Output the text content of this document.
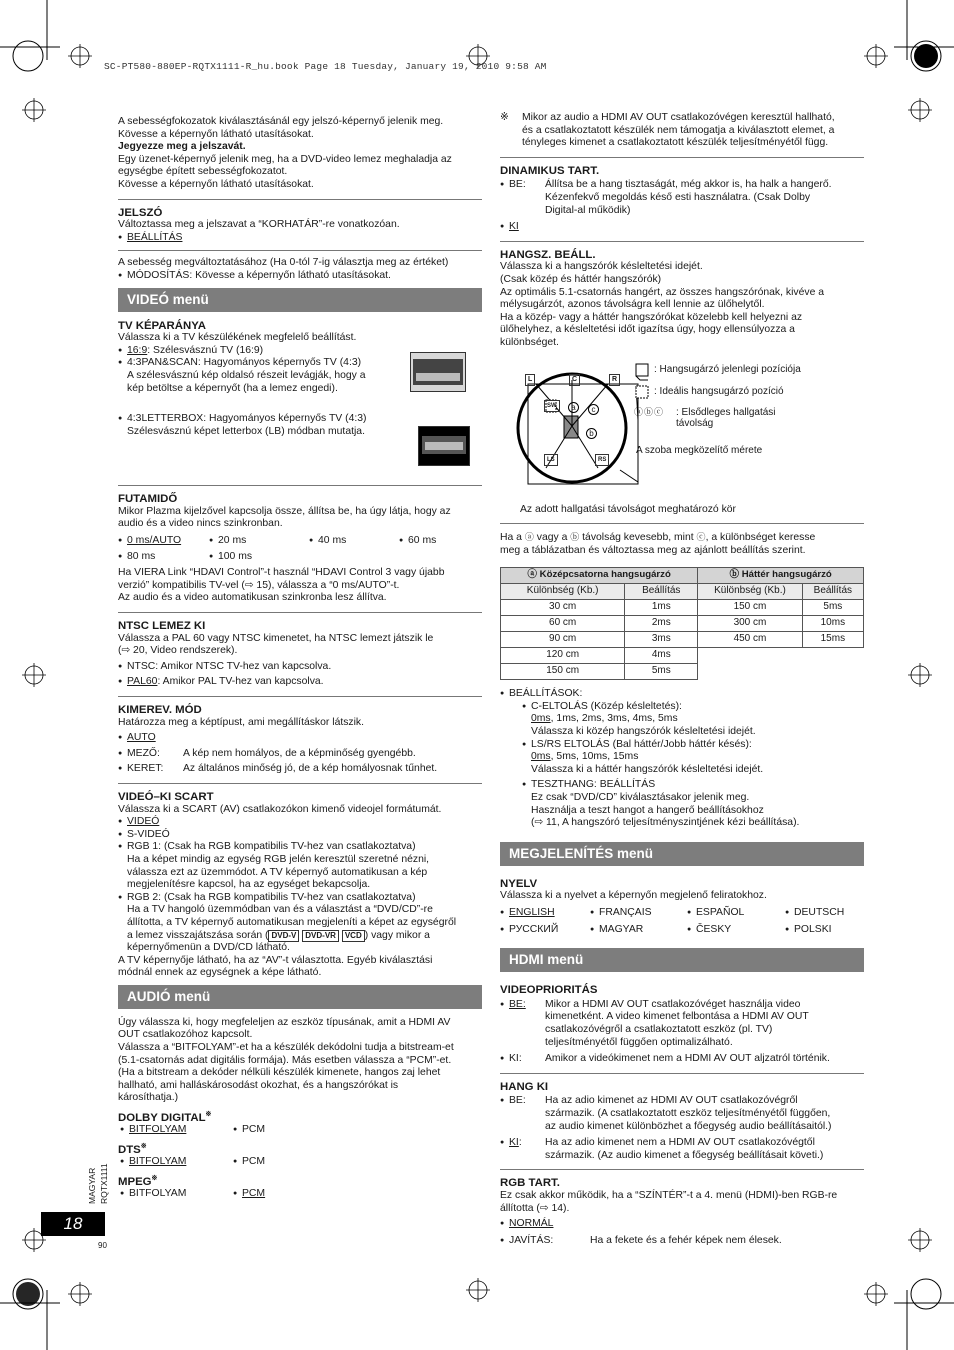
SC-PT580-880EP-RQTX1111-R_hu.book Page 18 Tuesday, January 19, 2010 9:58 AM

A sebességfokozatok kiválasztásánál egy jelszó-képernyő jelenik meg.

Kövesse a képernyőn látható utasításokat.

Jegyezze meg a jelszavát.

Egy üzenet-képernyő jelenik meg, ha a DVD-video lemez meghaladja az

egységbe épített sebességfokozatot.

Kövesse a képernyőn látható utasításokat.

JELSZÓ

Változtassa meg a jelszavat a “KORHATÁR”-re vonatkozóan.

● BEÁLLÍTÁS

A sebesség megváltoztatásához (Ha 0-tól 7-ig választja meg az értéket)

● MÓDOSÍTÁS: Kövesse a képernyőn látható utasításokat.
VIDEÓ menü

TV KÉPARÁNYA

Válassza ki a TV készülékének megfelelő beállítást.

● 16:9: Szélesvásznú TV (16:9)
● 4:3PAN&SCAN: Hagyományos képernyős TV (4:3)
A szélesvásznú kép oldalsó részeit levágják, hogy a
kép betöltse a képernyőt (ha a lemez engedi).
● 4:3LETTERBOX: Hagyományos képernyős TV (4:3)
Szélesvásznú képet letterbox (LB) módban mutatja.

FUTAMIDŐ

Mikor Plazma kijelzővel kapcsolja össze, állítsa be, ha úgy látja, hogy az

audio és a video nincs szinkronban.

● 0 ms/AUTO	● 20 ms	● 40 ms	● 60 ms
● 80 ms	● 100 ms

Ha VIERA Link “HDAVI Control”-t használ “HDAVI Control 3 vagy újabb

verzió” kompatibilis TV-vel (⇨ 15), válassza a “0 ms/AUTO”-t.

Az audio és a video automatikusan szinkronba lesz állítva.

NTSC LEMEZ KI

Válassza a PAL 60 vagy NTSC kimenetet, ha NTSC lemezt játszik le

(⇨ 20, Video rendszerek).

● NTSC: Amikor NTSC TV-hez van kapcsolva.
● PAL60: Amikor PAL TV-hez van kapcsolva.

KIMEREV. MÓD

Határozza meg a képtípust, ami megállításkor látszik.

● AUTO
● MEZŐ:	A kép nem homályos, de a képminőség gyengébb.
● KERET:	Az általános minőség jó, de a kép homályosnak tűnhet.

VIDEÓ–KI SCART

Válassza ki a SCART (AV) csatlakozókon kimenő videojel formátumát.

● VIDEÓ
● S-VIDEÓ
● RGB 1: (Csak ha RGB kompatibilis TV-hez van csatlakoztatva)
Ha a képet mindig az egység RGB jelén keresztül szeretné nézni,
válassza ezt az üzemmódot. A TV képernyő automatikusan a kép
megjelenítésre kapcsol, ha az egységet bekapcsolja.
● RGB 2: (Csak ha RGB kompatibilis TV-hez van csatlakoztatva)
Ha a TV hangoló üzemmódban van és a választást a “DVD/CD”-re
állította, a TV képernyő automatikusan megjeleníti a képet az egységről
a lemez visszajátszása során ( DVD-V DVD-VR VCD ) vagy mikor a
képernyőmenün a DVD/CD látható.

A TV képernyője látható, ha az “AV”-t választotta. Egyéb kiválasztási

módnál ennek az egységnek a képe látható.

AUDIÓ menü

Úgy válassza ki, hogy megfeleljen az eszköz típusának, amit a HDMI AV

OUT csatlakozóhoz kapcsolt.

Válassza a “BITFOLYAM”-et ha a készülék dekódolni tudja a bitstream-et

(5.1-csatornás adat digitális formája). Más esetben válassza a “PCM”-et.

(Ha a bitstream a dekóder nélküli készülék kimenete, hangos zaj lehet

hallható, ami halláskárosodást okozhat, és a hangszórókat is

károsíthatja.)

DOLBY DIGITAL※

● BITFOLYAM	● PCM

DTS※

● BITFOLYAM	● PCM

MPEG※

● BITFOLYAM	● PCM
MAGYAR RQTX1111
18
90
※ Mikor az audio a HDMI AV OUT csatlakozóvégen keresztül hallható,
és a csatlakoztatott készülék nem támogatja a kiválasztott elemet, a
tényleges kimenet a csatlakoztatott készülék teljesítményétől függ.

DINAMIKUS TART.

● BE:	Állítsa be a hang tisztaságát, még akkor is, ha halk a hangerő.
Kézenfekvő megoldás késő esti használatra. (Csak Dolby
Digital-al működik)
● KI

HANGSZ. BEÁLL.

Válassza ki a hangszórók késleltetési idejét.

(Csak közép és háttér hangszórók)

Az optimális 5.1-csatornás hangért, az összes hangszórónak, kivéve a

mélysugárzót, azonos távolságra kell lennie az ülőhelytől.

Ha a közép- vagy a háttér hangszórókat közelebb kell helyezni az

ülőhelyhez, a késleltetési időt igazítsa úgy, hogy ellensúlyozza a

különbséget.

L	C	R
SW
LS	RS
a	c
b
: Hangsugárzó jelenlegi pozíciója
: Ideális hangsugárzó pozíció
ⓐⓑⓒ : Elsődleges hallgatási
távolság
A szoba megközelítő mérete

Az adott hallgatási távolságot meghatározó kör

Ha a ⓐ vagy a ⓑ távolság kevesebb, mint ⓒ, a különbséget keresse

meg a táblázatban és változtassa meg az ajánlott beállítás szerint.

ⓐ Középcsatorna hangsugárzó		ⓑ Háttér hangsugárzó	
Különbség (Kb.)	Beállítás	Különbség (Kb.)	Beállítás
30 cm	1ms	150 cm	5ms
60 cm	2ms	300 cm	10ms
90 cm	3ms	450 cm	15ms
120 cm	4ms		
150 cm	5ms		
● BEÁLLÍTÁSOK:
● C-ELTOLÁS (Közép késleltetés):
0ms, 1ms, 2ms, 3ms, 4ms, 5ms
Válassza ki közép hangszórók késleltetési idejét.
● LS/RS ELTOLÁS (Bal háttér/Jobb háttér késés):
0ms, 5ms, 10ms, 15ms
Válassza ki a háttér hangszórók késleltetési idejét.
● TESZTHANG: BEÁLLÍTÁS
Ez csak “DVD/CD” kiválasztásakor jelenik meg.
Használja a teszt hangot a hangerő beállításokhoz
(⇨ 11, A hangszóró teljesítményszintjének kézi beállítása).
MEGJELENÍTÉS menü

NYELV

Válassza ki a nyelvet a képernyőn megjelenő feliratokhoz.

● ENGLISH	● FRANÇAIS	● ESPAÑOL	● DEUTSCH
● РУССКИЙ	● MAGYAR	● ČESKY	● POLSKI
HDMI menü

VIDEOPRIORITÁS

● BE:	Mikor a HDMI AV OUT csatlakozóvéget használja video
kimenetként. A video kimenet felbontása a HDMI AV OUT
csatlakozóvégről a csatlakoztatott eszköz (pl. TV)
teljesítményétől függően optimalizálható.
● KI:	Amikor a videókimenet nem a HDMI AV OUT aljzatról történik.

HANG KI

● BE:	Ha az adio kimenet az HDMI AV OUT csatlakozóvégről
származik. (A csatlakoztatott eszköz teljesítményétől függően,
az audio kimenet különbözhet a főegység audio beállításaitól.)
● KI:	Ha az adio kimenet nem a HDMI AV OUT csatlakozóvégtől
származik. (Az audio kimenet a főegység beállításait követi.)

RGB TART.

Ez csak akkor működik, ha a “SZÍNTÉR”-t a 4. menü (HDMI)-ben RGB-re

állította (⇨ 14).

● NORMÁL
● JAVÍTÁS:	Ha a fekete és a fehér képek nem élesek.
